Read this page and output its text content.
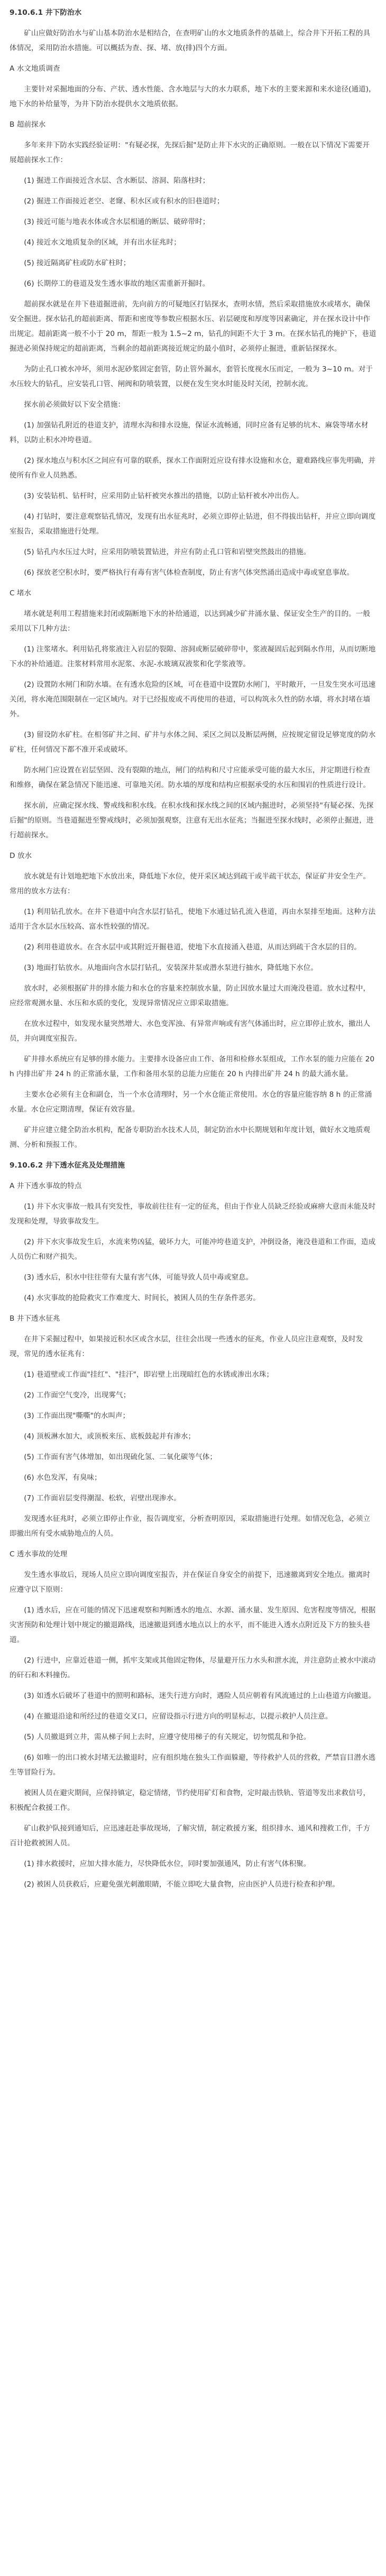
9.10.6.1 井下防治水

矿山应做好防治水与矿山基本防治水是相结合，在查明矿山的水文地质条件的基础上，综合井下开拓工程的具体情况，采用防治水措施。可以概括为查、探、堵、放(排)四个方面。

A 水文地质调查

主要针对采掘地面的分布、产状、透水性能、含水地层与大的水力联系，地下水的主要来源和来水途径(通道)，地下水的补给量等，为井下防治水提供水文地质依据。

B 超前探水

多年来井下防水实践经验证明："有疑必探，先探后掘"是防止井下水灾的正确原则。一般在以下情况下需要开展超前探水工作：

(1) 掘进工作面接近含水层、含水断层、溶洞、陷落柱时；

(2) 掘进工作面接近老空、老窿、积水区或有积水的旧巷道时；

(3) 接近可能与地表水体或含水层相通的断层、破碎带时；

(4) 接近水文地质复杂的区域，并有出水征兆时；

(5) 接近隔离矿柱或防水矿柱时；

(6) 长期停工的巷道及发生透水事故的地区需重新开掘时。

超前探水就是在井下巷道掘进前，先向前方的可疑地区打钻探水，查明水情，然后采取措施放水或堵水，确保安全掘进。探水钻孔的超前距离、帮距和密度等参数应根据水压、岩层硬度和厚度等因素确定，并在探水设计中作出规定。超前距离一般不小于 20 m，帮距一般为 1.5~2 m，钻孔的间距不大于 3 m。在探水钻孔的掩护下，巷道掘进必须保持规定的超前距离，当剩余的超前距离接近规定的最小值时，必须停止掘进，重新钻探探水。

为防止孔口被水冲坏，须用水泥砂浆固定套管，防止管外漏水，套管长度视水压而定，一般为 3~10 m。对于水压较大的钻孔，应安装孔口管、闸阀和防喷装置，以便在发生突水时能及时关闭，控制水流。

探水前必须做好以下安全措施：

(1) 加强钻孔附近的巷道支护，清理水沟和排水设施，保证水流畅通，同时应备有足够的坑木、麻袋等堵水材料，以防止积水冲垮巷道。

(2) 探水地点与积水区之间应有可靠的联系，探水工作面附近应设有排水设施和水仓，避难路线应事先明确，并使所有作业人员熟悉。

(3) 安装钻机、钻杆时，应采用防止钻杆被突水推出的措施，以防止钻杆被水冲出伤人。

(4) 打钻时，要注意观察钻孔情况，发现有出水征兆时，必须立即停止钻进，但不得拔出钻杆，并应立即向调度室报告，采取措施进行处理。

(5) 钻孔内水压过大时，应采用防喷装置钻进，并应有防止孔口管和岩壁突然鼓出的措施。

(6) 探放老空积水时，要严格执行有毒有害气体检查制度，防止有害气体突然涌出造成中毒或窒息事故。

C 堵水

堵水就是利用工程措施来封闭或隔断地下水的补给通道，以达到减少矿井涌水量、保证安全生产的目的。一般采用以下几种方法：

(1) 注浆堵水。利用钻孔将浆液注入岩层的裂隙、溶洞或断层破碎带中，浆液凝固后起到隔水作用，从而切断地下水的补给通道。注浆材料常用水泥浆、水泥-水玻璃双液浆和化学浆液等。

(2) 设置防水闸门和防水墙。在有透水危险的区域，可在巷道中设置防水闸门，平时敞开，一旦发生突水可迅速关闭，将水淹范围限制在一定区域内。对于已经报废或不再使用的巷道，可以构筑永久性的防水墙，将水封堵在墙外。

(3) 留设防水矿柱。在相邻矿井之间、矿井与水体之间、采区之间以及断层两侧，应按规定留设足够宽度的防水矿柱，任何情况下都不准开采或破坏。

防水闸门应设置在岩层坚固、没有裂隙的地点，闸门的结构和尺寸应能承受可能的最大水压，并定期进行检查和维修，确保在紧急情况下能迅速、可靠地关闭。防水墙的厚度和结构应根据承受的水压和围岩的性质进行设计。

探水前，应确定探水线、警戒线和积水线。在积水线和探水线之间的区域内掘进时，必须坚持"有疑必探、先探后掘"的原则。当巷道掘进至警戒线时，必须加强观察，注意有无出水征兆；当掘进至探水线时，必须停止掘进，进行超前探水。

D 放水

放水就是有计划地把地下水放出来，降低地下水位，使开采区域达到疏干或半疏干状态，保证矿井安全生产。常用的放水方法有：

(1) 利用钻孔放水。在井下巷道中向含水层打钻孔，使地下水通过钻孔流入巷道，再由水泵排至地面。这种方法适用于含水层水压较高、富水性较强的情况。

(2) 利用巷道放水。在含水层中或其附近开掘巷道，使地下水直接涌入巷道，从而达到疏干含水层的目的。

(3) 地面打钻放水。从地面向含水层打钻孔，安装深井泵或潜水泵进行抽水，降低地下水位。

放水时，必须根据矿井的排水能力和水仓的容量来控制放水量，防止因放水量过大而淹没巷道。放水过程中，应经常观测水量、水压和水质的变化，发现异常情况应立即采取措施。

在放水过程中，如发现水量突然增大、水色变浑浊、有异常声响或有害气体涌出时，应立即停止放水，撤出人员，并向调度室报告。

矿井排水系统应有足够的排水能力。主要排水设备应由工作、备用和检修水泵组成，工作水泵的能力应能在 20 h 内排出矿井 24 h 的正常涌水量，工作和备用水泵的总能力应能在 20 h 内排出矿井 24 h 的最大涌水量。

主要水仓必须有主仓和副仓，当一个水仓清理时，另一个水仓能正常使用。水仓的容量应能容纳 8 h 的正常涌水量。水仓应定期清理，保证有效容量。

矿井应建立健全防治水机构，配备专职防治水技术人员，制定防治水中长期规划和年度计划，做好水文地质观测、分析和预报工作。

9.10.6.2 井下透水征兆及处理措施

A 井下透水事故的特点

(1) 井下水灾事故一般具有突发性，事故前往往有一定的征兆，但由于作业人员缺乏经验或麻痹大意而未能及时发现和处理，导致事故发生。

(2) 井下水灾事故发生后，水流来势凶猛，破坏力大，可能冲垮巷道支护，冲倒设备，淹没巷道和工作面，造成人员伤亡和财产损失。

(3) 透水后，积水中往往带有大量有害气体，可能导致人员中毒或窒息。

(4) 水灾事故的抢险救灾工作难度大、时间长，被困人员的生存条件恶劣。

B 井下透水征兆

在井下采掘过程中，如果接近积水区或含水层，往往会出现一些透水的征兆，作业人员应注意观察，及时发现，常见的透水征兆有：

(1) 巷道壁或工作面"挂红"、"挂汗"，即岩壁上出现暗红色的水锈或渗出水珠；

(2) 工作面空气变冷，出现雾气；

(3) 工作面出现"嘶嘶"的水叫声；

(4) 顶板淋水加大，或顶板来压、底板鼓起并有渗水；

(5) 工作面有害气体增加，如出现硫化氢、二氧化碳等气体；

(6) 水色发浑，有臭味；

(7) 工作面岩层变得潮湿、松软，岩壁出现渗水。

发现透水征兆时，必须立即停止作业，报告调度室，分析查明原因，采取措施进行处理。如情况危急，必须立即撤出所有受水威胁地点的人员。

C 透水事故的处理

发生透水事故后，现场人员应立即向调度室报告，并在保证自身安全的前提下，迅速撤离到安全地点。撤离时应遵守以下原则：

(1) 透水后，应在可能的情况下迅速观察和判断透水的地点、水源、涌水量、发生原因、危害程度等情况，根据灾害预防和处理计划中规定的撤退路线，迅速撤退到透水地点以上的水平，而不能进入透水点附近及下方的独头巷道。

(2) 行进中，应靠近巷道一侧，抓牢支架或其他固定物体，尽量避开压力水头和泄水流，并注意防止被水中滚动的矸石和木料撞伤。

(3) 如透水后破坏了巷道中的照明和路标，迷失行进方向时，遇险人员应朝着有风流通过的上山巷道方向撤退。

(4) 在撤退沿途和所经过的巷道交叉口，应留设指示行进方向的明显标志，以提示救护人员注意。

(5) 人员撤退到立井，需从梯子间上去时，应遵守使用梯子的有关规定，切勿慌乱和争抢。

(6) 如唯一的出口被水封堵无法撤退时，应有组织地在独头工作面躲避，等待救护人员的营救，严禁盲目潜水逃生等冒险行为。

被困人员在避灾期间，应保持镇定，稳定情绪，节约使用矿灯和食物，定时敲击铁轨、管道等发出求救信号，积极配合救援工作。

矿山救护队接到通知后，应迅速赶赴事故现场，了解灾情，制定救援方案，组织排水、通风和搜救工作，千方百计抢救被困人员。

(1) 排水救援时，应加大排水能力，尽快降低水位，同时要加强通风，防止有害气体积聚。

(2) 被困人员获救后，应避免强光刺激眼睛，不能立即吃大量食物，应由医护人员进行检查和护理。
